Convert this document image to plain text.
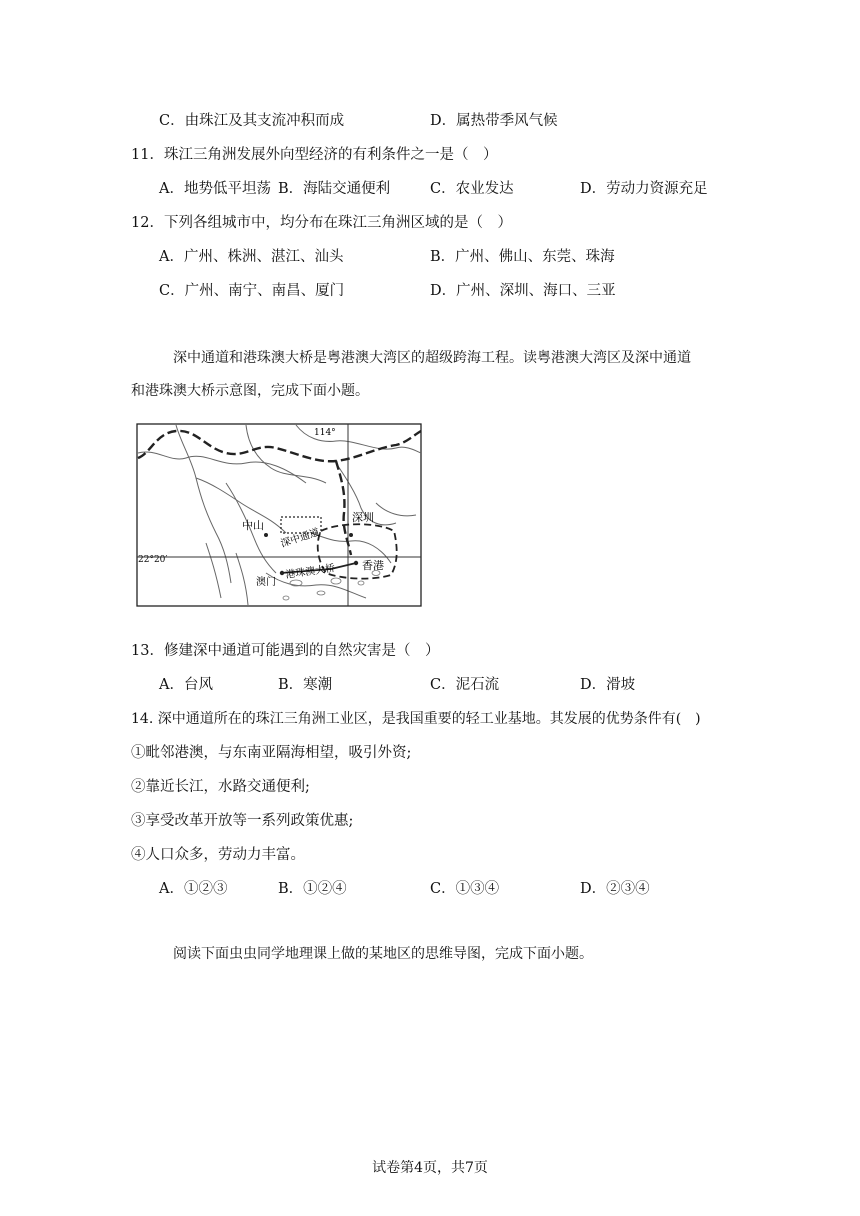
C．由珠江及其支流冲积而成	D．属热带季风气候
11．珠江三角洲发展外向型经济的有利条件之一是（　）
A．地势低平坦荡 B．海陆交通便利	C．农业发达	D．劳动力资源充足
12．下列各组城市中，均分布在珠江三角洲区域的是（　）
A．广州、株洲、湛江、汕头	B．广州、佛山、东莞、珠海
C．广州、南宁、南昌、厦门	D．广州、深圳、海口、三亚
深中通道和港珠澳大桥是粤港澳大湾区的超级跨海工程。读粤港澳大湾区及深中通道
和港珠澳大桥示意图，完成下面小题。
114°
22°20′
中山
深圳
深中通道
澳门
港珠澳大桥 香港
13．修建深中通道可能遇到的自然灾害是（　）
A．台风	B．寒潮	C．泥石流	D．滑坡
14. 深中通道所在的珠江三角洲工业区，是我国重要的轻工业基地。其发展的优势条件有(　)
①毗邻港澳，与东南亚隔海相望，吸引外资;
②靠近长江，水路交通便利;
③享受改革开放等一系列政策优惠;
④人口众多，劳动力丰富。
A．①②③	B．①②④	C．①③④	D．②③④
阅读下面虫虫同学地理课上做的某地区的思维导图，完成下面小题。
试卷第4页，共7页
